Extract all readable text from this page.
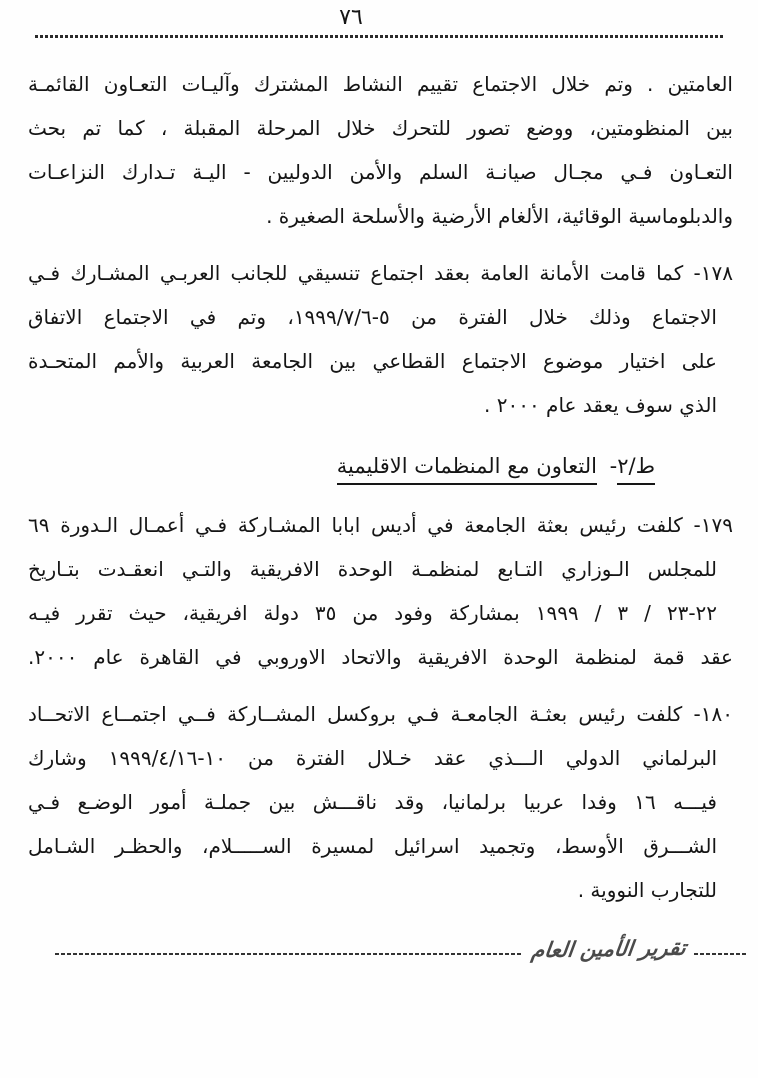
٧٦
العامتين . وتم خلال الاجتماع تقييم النشاط المشترك وآليـات التعـاون القائمـة
بين المنظومتين، ووضع تصور للتحرك خلال المرحلة المقبلة ، كما تم بحث
التعـاون فـي مجـال صيانـة السلم والأمن الدوليين - اليـة تـدارك النزاعـات
والدبلوماسية الوقائية، الألغام الأرضية والأسلحة الصغيرة .
١٧٨- كما قامت الأمانة العامة بعقد اجتماع تنسيقي للجانب العربـي المشـارك فـي
الاجتماع وذلك خلال الفترة من ٥-١٩٩٩/٧/٦، وتم في الاجتماع الاتفاق
على اختيار موضوع الاجتماع القطاعي بين الجامعة العربية والأمم المتحـدة
الذي سوف يعقد عام ٢٠٠٠ .
ط/٢- التعاون مع المنظمات الاقليمية
١٧٩- كلفت رئيس بعثة الجامعة في أديس ابابا المشـاركة فـي أعمـال الـدورة ٦٩
للمجلس الـوزاري التـابع لمنظمـة الوحدة الافريقية والتـي انعقـدت بتـاريخ
٢٢-٢٣ / ٣ / ١٩٩٩ بمشاركة وفود من ٣٥ دولة افريقية، حيث تقرر فيـه
عقد قمة لمنظمة الوحدة الافريقية والاتحاد الاوروبي في القاهرة عام ٢٠٠٠.
١٨٠- كلفت رئيس بعثـة الجامعـة فـي بروكسل المشــاركة فــي اجتمــاع الاتحــاد
البرلماني الدولي الـــذي عقد خـلال الفترة من ١٠-١٩٩٩/٤/١٦ وشارك
فيـــه ١٦ وفدا عربيا برلمانيا، وقد ناقـــش بين جملـة أمور الوضـع فـي
الشـــرق الأوسط، وتجميد اسرائيل لمسيرة الســـــلام، والحظـر الشـامل
للتجارب النووية .
تقرير الأمين العام
